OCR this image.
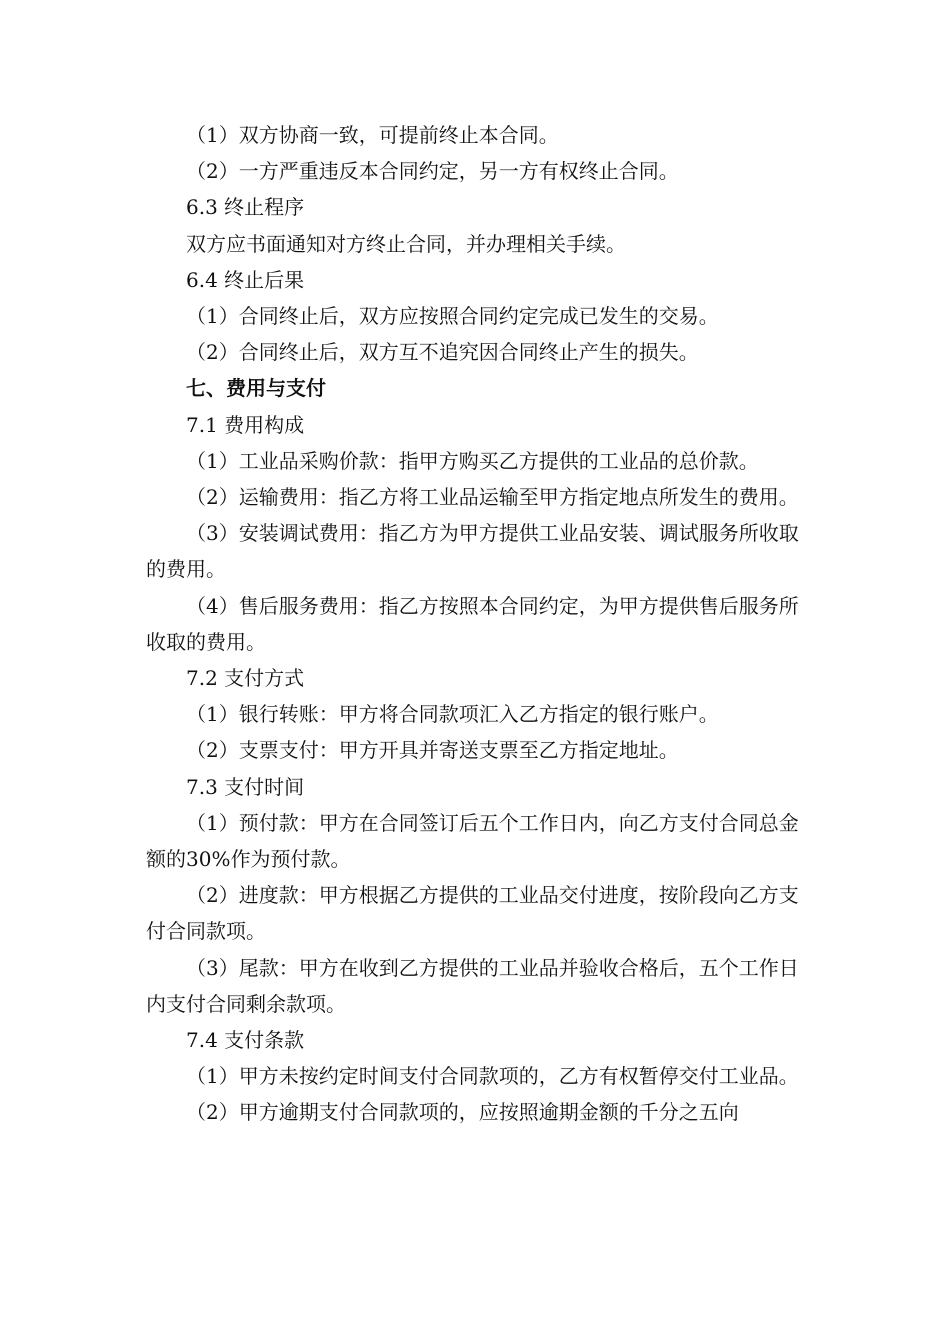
（1）双方协商一致，可提前终止本合同。

（2）一方严重违反本合同约定，另一方有权终止合同。

6.3 终止程序

双方应书面通知对方终止合同，并办理相关手续。

6.4 终止后果

（1）合同终止后，双方应按照合同约定完成已发生的交易。

（2）合同终止后，双方互不追究因合同终止产生的损失。

七、费用与支付

7.1 费用构成

（1）工业品采购价款：指甲方购买乙方提供的工业品的总价款。

（2）运输费用：指乙方将工业品运输至甲方指定地点所发生的费用。

（3）安装调试费用：指乙方为甲方提供工业品安装、调试服务所收取的费用。

（4）售后服务费用：指乙方按照本合同约定，为甲方提供售后服务所收取的费用。

7.2 支付方式

（1）银行转账：甲方将合同款项汇入乙方指定的银行账户。

（2）支票支付：甲方开具并寄送支票至乙方指定地址。

7.3 支付时间

（1）预付款：甲方在合同签订后五个工作日内，向乙方支付合同总金额的30%作为预付款。

（2）进度款：甲方根据乙方提供的工业品交付进度，按阶段向乙方支付合同款项。

（3）尾款：甲方在收到乙方提供的工业品并验收合格后，五个工作日内支付合同剩余款项。

7.4 支付条款

（1）甲方未按约定时间支付合同款项的，乙方有权暂停交付工业品。

（2）甲方逾期支付合同款项的，应按照逾期金额的千分之五向
